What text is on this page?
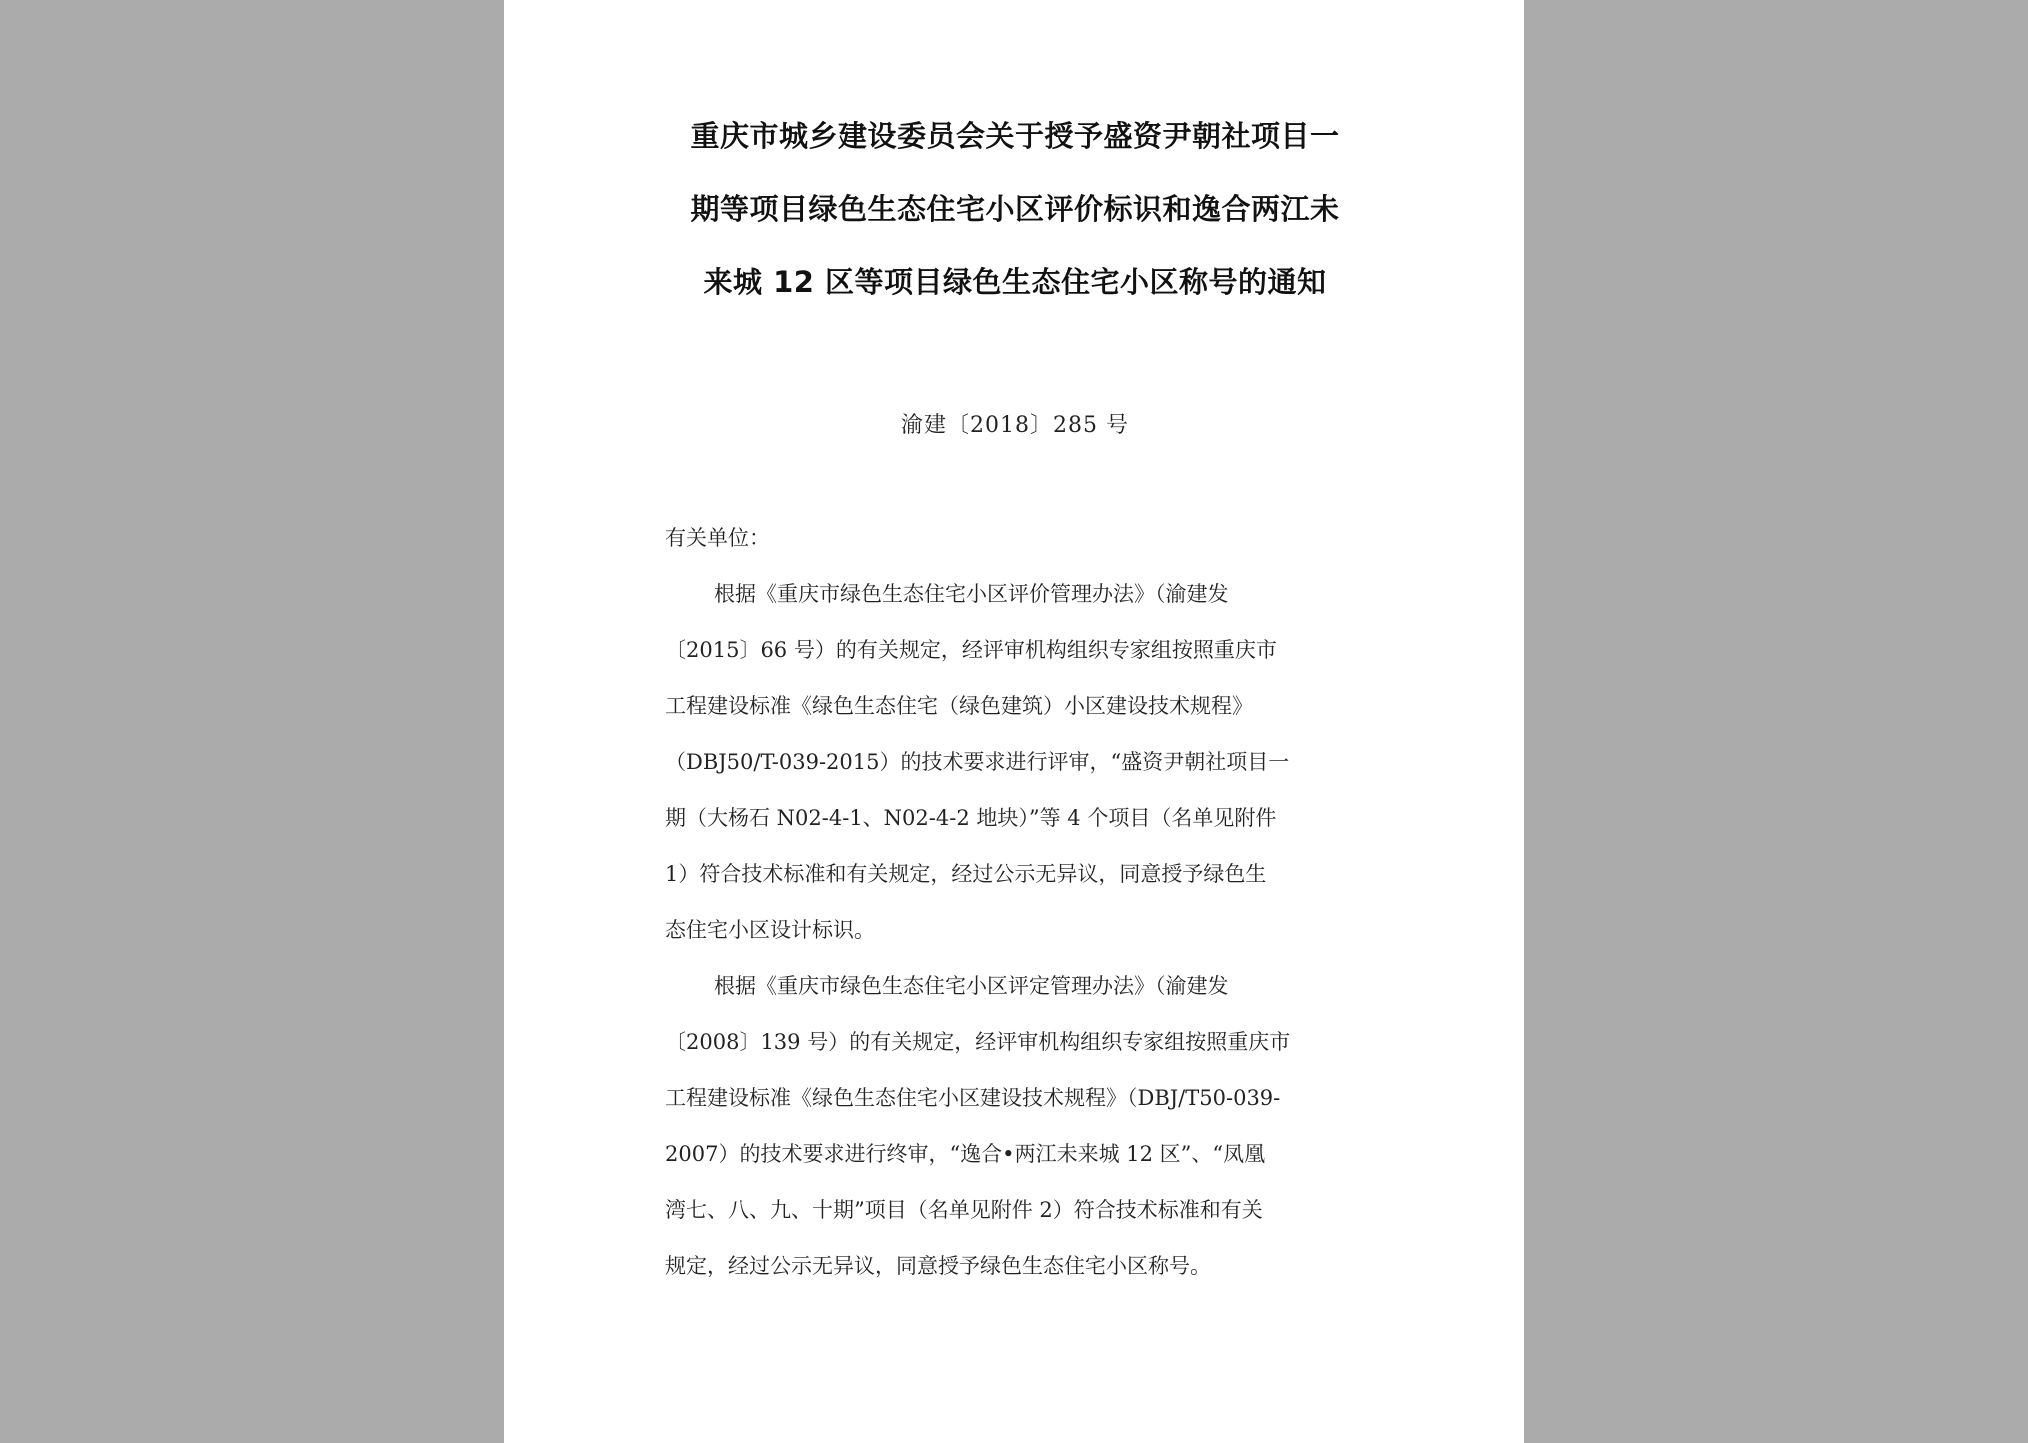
重庆市城乡建设委员会关于授予盛资尹朝社项目一
期等项目绿色生态住宅小区评价标识和逸合两江未
来城 12 区等项目绿色生态住宅小区称号的通知
渝建〔2018〕285 号
有关单位：
根据《重庆市绿色生态住宅小区评价管理办法》（渝建发
〔2015〕66 号）的有关规定，经评审机构组织专家组按照重庆市
工程建设标准《绿色生态住宅（绿色建筑）小区建设技术规程》
（DBJ50/T-039-2015）的技术要求进行评审，“盛资尹朝社项目一
期（大杨石 N02-4-1、N02-4-2 地块）”等 4 个项目（名单见附件
1）符合技术标准和有关规定，经过公示无异议，同意授予绿色生
态住宅小区设计标识。
根据《重庆市绿色生态住宅小区评定管理办法》（渝建发
〔2008〕139 号）的有关规定，经评审机构组织专家组按照重庆市
工程建设标准《绿色生态住宅小区建设技术规程》（DBJ/T50-039-
2007）的技术要求进行终审，“逸合•两江未来城 12 区”、“凤凰
湾七、八、九、十期”项目（名单见附件 2）符合技术标准和有关
规定，经过公示无异议，同意授予绿色生态住宅小区称号。
